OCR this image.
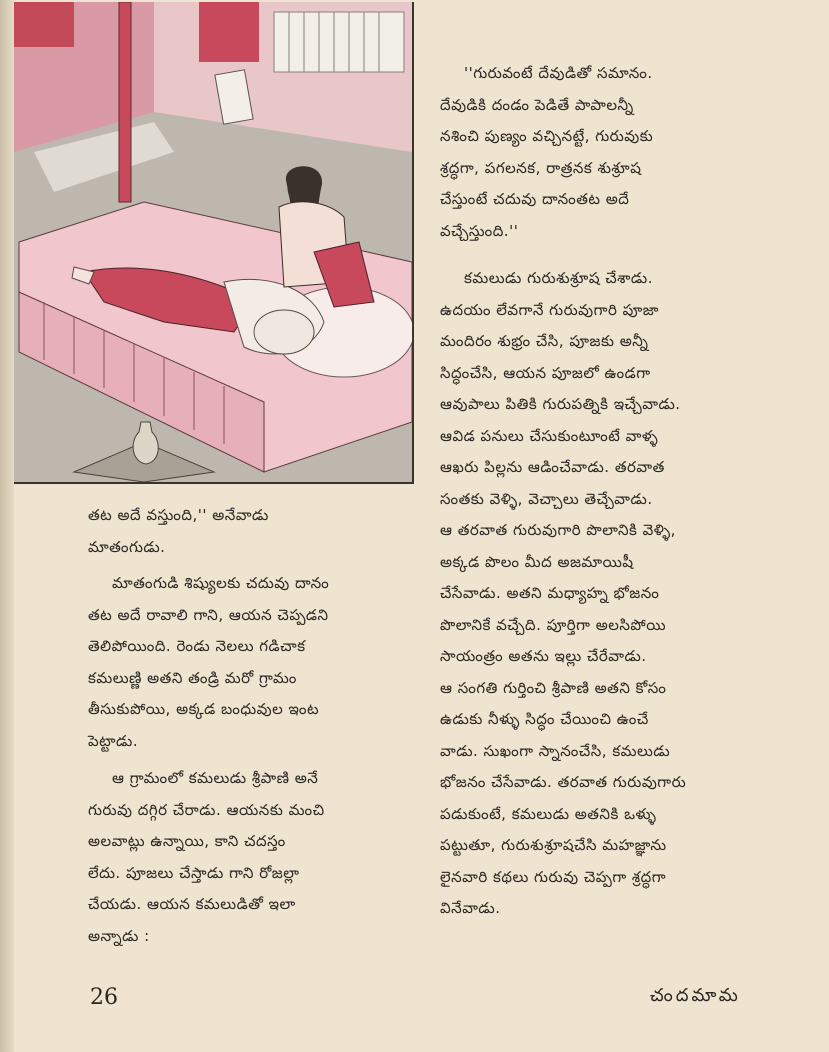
''గురువంటే దేవుడితో సమానం.
దేవుడికి దండం పెడితే పాపాలన్నీ
నశించి పుణ్యం వచ్చినట్టే, గురువుకు
శ్రద్ధగా, పగలనక, రాత్రనక శుశ్రూష
చేస్తుంటే చదువు దానంతట అదే
వచ్చేస్తుంది.''
కమలుడు గురుశుశ్రూష చేశాడు.
ఉదయం లేవగానే గురువుగారి పూజా
మందిరం శుభ్రం చేసి, పూజకు అన్నీ
సిద్ధంచేసి, ఆయన పూజలో ఉండగా
ఆవుపాలు పితికి గురుపత్నికి ఇచ్చేవాడు.
ఆవిడ పనులు చేసుకుంటూంటే వాళ్ళ
ఆఖరు పిల్లను ఆడించేవాడు. తరవాత
సంతకు వెళ్ళి, వెచ్చాలు తెచ్చేవాడు.
ఆ తరవాత గురువుగారి పొలానికి వెళ్ళి,
అక్కడ పొలం మీద అజమాయిషీ
చేసేవాడు. అతని మధ్యాహ్న భోజనం
పొలానికే వచ్చేది. పూర్తిగా అలసిపోయి
సాయంత్రం అతను ఇల్లు చేరేవాడు.
ఆ సంగతి గుర్తించి శ్రీపాణి అతని కోసం
ఉడుకు నీళ్ళు సిద్ధం చేయించి ఉంచే
వాడు. సుఖంగా స్నానంచేసి, కమలుడు
భోజనం చేసేవాడు. తరవాత గురువుగారు
పడుకుంటే, కమలుడు అతనికి ఒళ్ళు
పట్టుతూ, గురుశుశ్రూషచేసి మహజ్ఞాను
లైనవారి కథలు గురువు చెప్పగా శ్రద్ధగా
వినేవాడు.
తట అదే వస్తుంది,'' అనేవాడు
మాతంగుడు.
మాతంగుడి శిష్యులకు చదువు దానం
తట అదే రావాలి గాని, ఆయన చెప్పడని
తెలిపోయింది. రెండు నెలలు గడిచాక
కమలుణ్ణి అతని తండ్రి మరో గ్రామం
తీసుకుపోయి, అక్కడ బంధువుల ఇంట
పెట్టాడు.
ఆ గ్రామంలో కమలుడు శ్రీపాణి అనే
గురువు దగ్గిర చేరాడు. ఆయనకు మంచి
అలవాట్లు ఉన్నాయి, కాని చదస్తం
లేదు. పూజలు చేస్తాడు గాని రోజల్లా
చేయడు. ఆయన కమలుడితో ఇలా
అన్నాడు :
26	చందమామ
